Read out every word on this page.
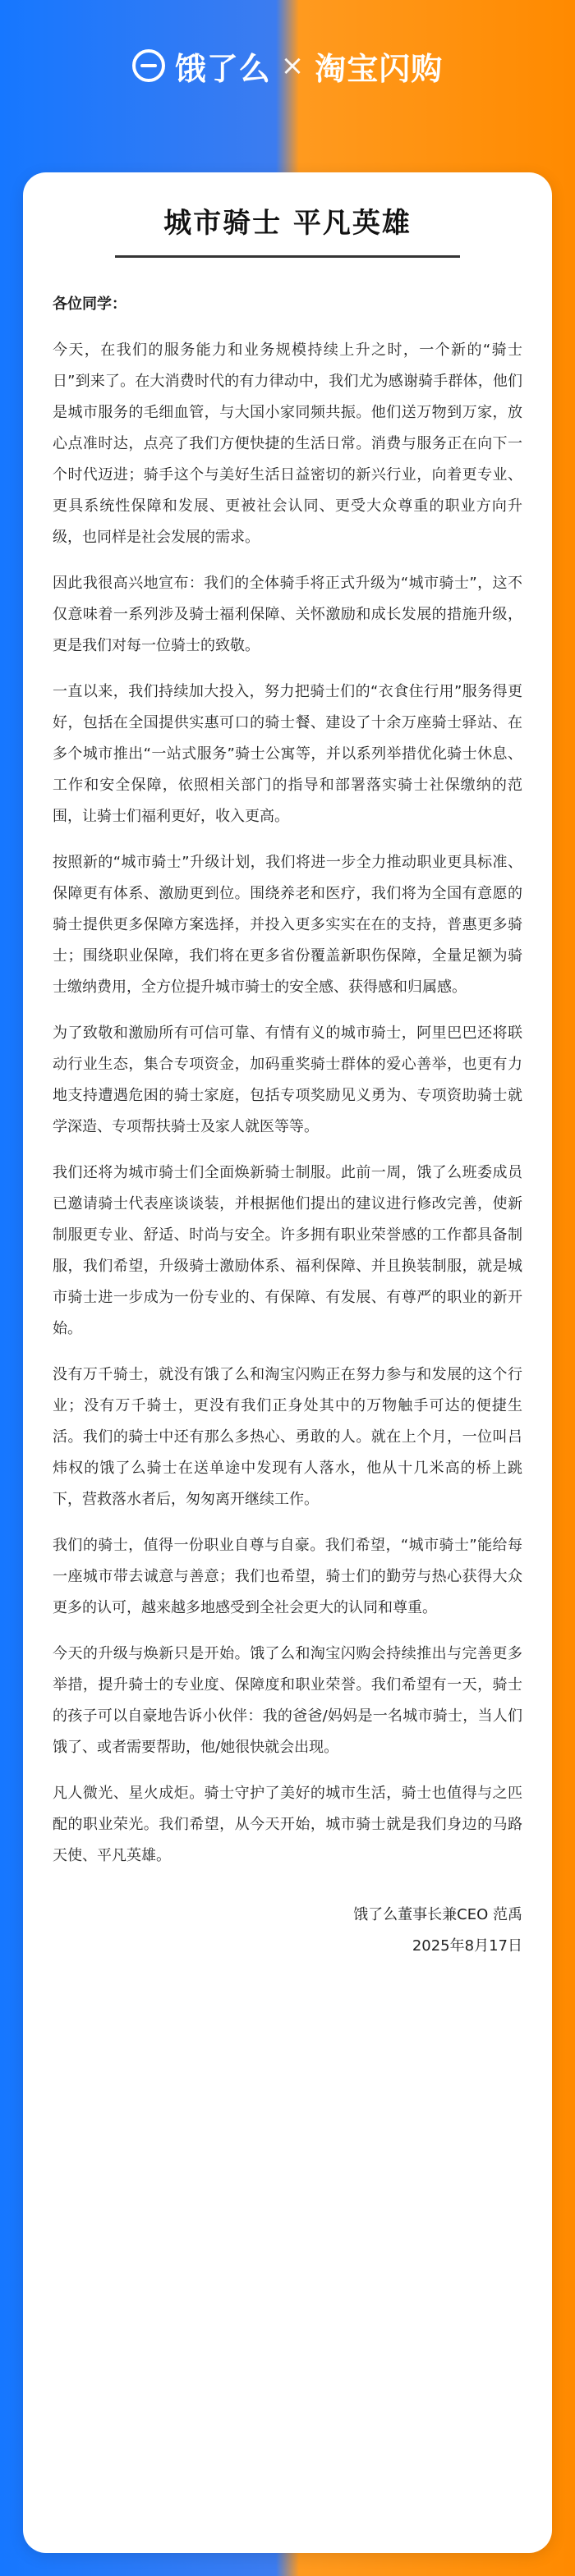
饿了么 × 淘宝闪购
城市骑士 平凡英雄
各位同学：
今天，在我们的服务能力和业务规模持续上升之时，一个新的“骑士日”到来了。在大消费时代的有力律动中，我们尤为感谢骑手群体，他们是城市服务的毛细血管，与大国小家同频共振。他们送万物到万家，放心点准时达，点亮了我们方便快捷的生活日常。消费与服务正在向下一个时代迈进；骑手这个与美好生活日益密切的新兴行业，向着更专业、更具系统性保障和发展、更被社会认同、更受大众尊重的职业方向升级，也同样是社会发展的需求。
因此我很高兴地宣布：我们的全体骑手将正式升级为“城市骑士”，这不仅意味着一系列涉及骑士福利保障、关怀激励和成长发展的措施升级，更是我们对每一位骑士的致敬。
一直以来，我们持续加大投入，努力把骑士们的“衣食住行用”服务得更好，包括在全国提供实惠可口的骑士餐、建设了十余万座骑士驿站、在多个城市推出“一站式服务”骑士公寓等，并以系列举措优化骑士休息、工作和安全保障，依照相关部门的指导和部署落实骑士社保缴纳的范围，让骑士们福利更好，收入更高。
按照新的“城市骑士”升级计划，我们将进一步全力推动职业更具标准、保障更有体系、激励更到位。围绕养老和医疗，我们将为全国有意愿的骑士提供更多保障方案选择，并投入更多实实在在的支持，普惠更多骑士；围绕职业保障，我们将在更多省份覆盖新职伤保障，全量足额为骑士缴纳费用，全方位提升城市骑士的安全感、获得感和归属感。
为了致敬和激励所有可信可靠、有情有义的城市骑士，阿里巴巴还将联动行业生态，集合专项资金，加码重奖骑士群体的爱心善举，也更有力地支持遭遇危困的骑士家庭，包括专项奖励见义勇为、专项资助骑士就学深造、专项帮扶骑士及家人就医等等。
我们还将为城市骑士们全面焕新骑士制服。此前一周，饿了么班委成员已邀请骑士代表座谈谈装，并根据他们提出的建议进行修改完善，使新制服更专业、舒适、时尚与安全。许多拥有职业荣誉感的工作都具备制服，我们希望，升级骑士激励体系、福利保障、并且换装制服，就是城市骑士进一步成为一份专业的、有保障、有发展、有尊严的职业的新开始。
没有万千骑士，就没有饿了么和淘宝闪购正在努力参与和发展的这个行业；没有万千骑士，更没有我们正身处其中的万物触手可达的便捷生活。我们的骑士中还有那么多热心、勇敢的人。就在上个月，一位叫吕炜权的饿了么骑士在送单途中发现有人落水，他从十几米高的桥上跳下，营救落水者后，匆匆离开继续工作。
我们的骑士，值得一份职业自尊与自豪。我们希望，“城市骑士”能给每一座城市带去诚意与善意；我们也希望，骑士们的勤劳与热心获得大众更多的认可，越来越多地感受到全社会更大的认同和尊重。
今天的升级与焕新只是开始。饿了么和淘宝闪购会持续推出与完善更多举措，提升骑士的专业度、保障度和职业荣誉。我们希望有一天，骑士的孩子可以自豪地告诉小伙伴：我的爸爸/妈妈是一名城市骑士，当人们饿了、或者需要帮助，他/她很快就会出现。
凡人微光、星火成炬。骑士守护了美好的城市生活，骑士也值得与之匹配的职业荣光。我们希望，从今天开始，城市骑士就是我们身边的马路天使、平凡英雄。
饿了么董事长兼CEO 范禹
2025年8月17日
